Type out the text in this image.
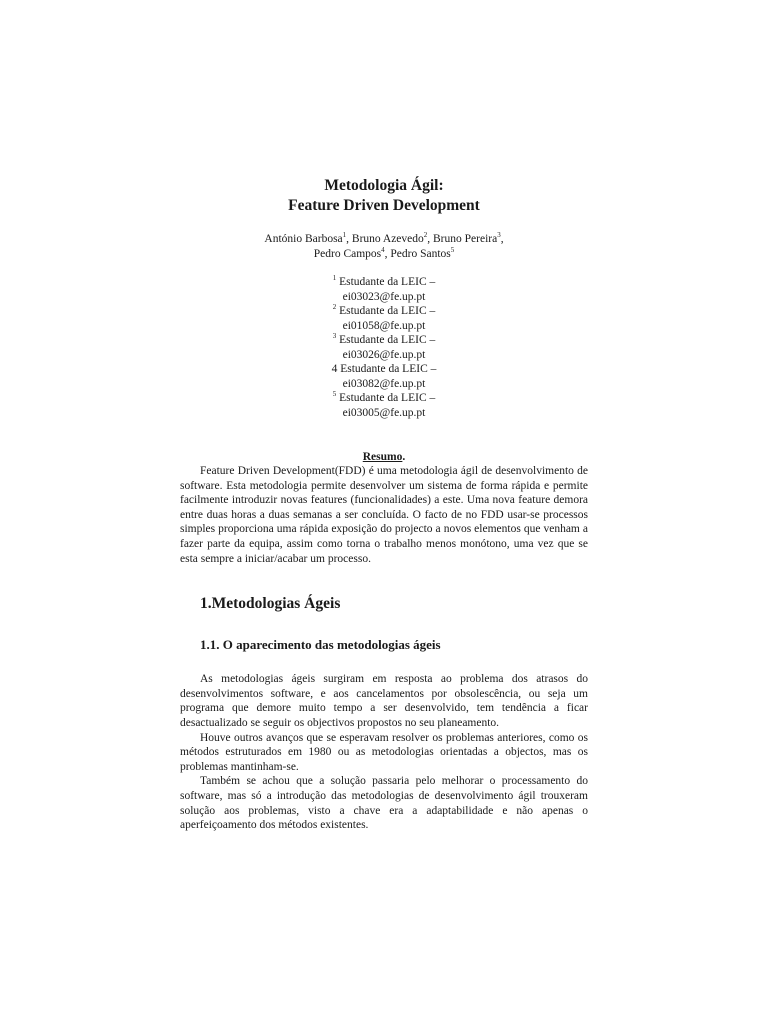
Metodologia Ágil:

Feature Driven Development

António Barbosa$^1$, Bruno Azevedo$^2$, Bruno Pereira$^3$,
Pedro Campos$^4$, Pedro Santos$^5$
$^1$ Estudante da LEIC –
ei03023@fe.up.pt
$^2$ Estudante da LEIC –
ei01058@fe.up.pt
$^3$ Estudante da LEIC –
ei03026@fe.up.pt
4 Estudante da LEIC –
ei03082@fe.up.pt
$^5$ Estudante da LEIC –
ei03005@fe.up.pt
Resumo.

Feature Driven Development(FDD) é uma metodologia ágil de desenvolvimento de software. Esta metodologia permite desenvolver um sistema de forma rápida e permite facilmente introduzir novas features (funcionalidades) a este. Uma nova feature demora entre duas horas a duas semanas a ser concluída. O facto de no FDD usar-se processos simples proporciona uma rápida exposição do projecto a novos elementos que venham a fazer parte da equipa, assim como torna o trabalho menos monótono, uma vez que se esta sempre a iniciar/acabar um processo.

1.Metodologias Ágeis
1.1. O aparecimento das metodologias ágeis

As metodologias ágeis surgiram em resposta ao problema dos atrasos do desenvolvimentos software, e aos cancelamentos por obsolescência, ou seja um programa que demore muito tempo a ser desenvolvido, tem tendência a ficar desactualizado se seguir os objectivos propostos no seu planeamento.

Houve outros avanços que se esperavam resolver os problemas anteriores, como os métodos estruturados em 1980 ou as metodologias orientadas a objectos, mas os problemas mantinham-se.

Também se achou que a solução passaria pelo melhorar o processamento do software, mas só a introdução das metodologias de desenvolvimento ágil trouxeram solução aos problemas, visto a chave era a adaptabilidade e não apenas o aperfeiçoamento dos métodos existentes.
